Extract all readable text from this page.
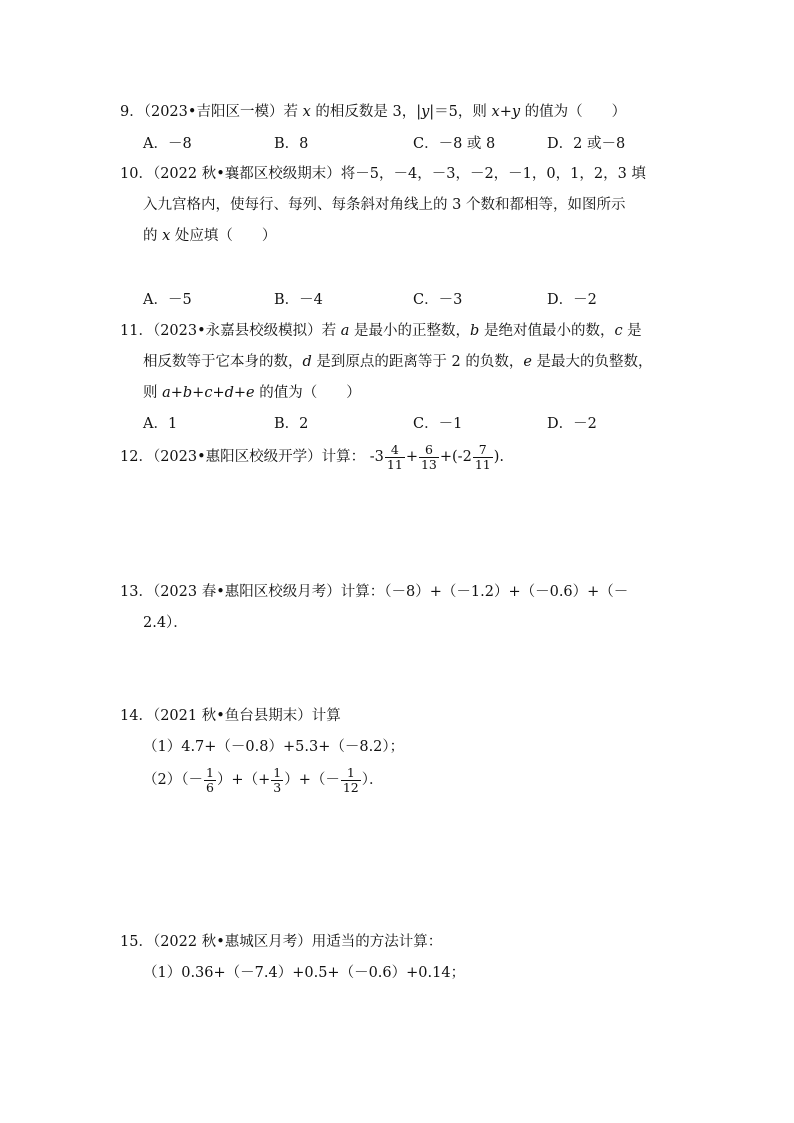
9．（2023•吉阳区一模）若 x 的相反数是 3，|y|＝5，则 x+y 的值为（　　）
A．－8	B．8	C．－8 或 8	D．2 或－8
10．（2022 秋•襄都区校级期末）将－5，－4，－3，－2，－1，0，1，2，3 填
入九宫格内，使每行、每列、每条斜对角线上的 3 个数和都相等，如图所示
的 x 处应填（　　）
A．－5	B．－4	C．－3	D．－2
11．（2023•永嘉县校级模拟）若 a 是最小的正整数，b 是绝对值最小的数，c 是
相反数等于它本身的数，d 是到原点的距离等于 2 的负数，e 是最大的负整数，
则 a+b+c+d+e 的值为（　　）
A．1	B．2	C．－1	D．－2
12．（2023•惠阳区校级开学）计算： $-3 \frac{4}{11} + \frac{6}{13} +(-2 \frac{7}{11}$ ).
13．（2023 春•惠阳区校级月考）计算：（－8）+（－1.2）+（－0.6）+（－
2.4）．
14．（2021 秋•鱼台县期末）计算
（1）4.7+（－0.8）+5.3+（－8.2）；
$(2)(- \frac{1}{6}$ ）+（+ $\frac{1}{3}$ ）+（－ $\frac{1}{12}$ ）．
15．（2022 秋•惠城区月考）用适当的方法计算：
（1）0.36+（－7.4）+0.5+（－0.6）+0.14；
